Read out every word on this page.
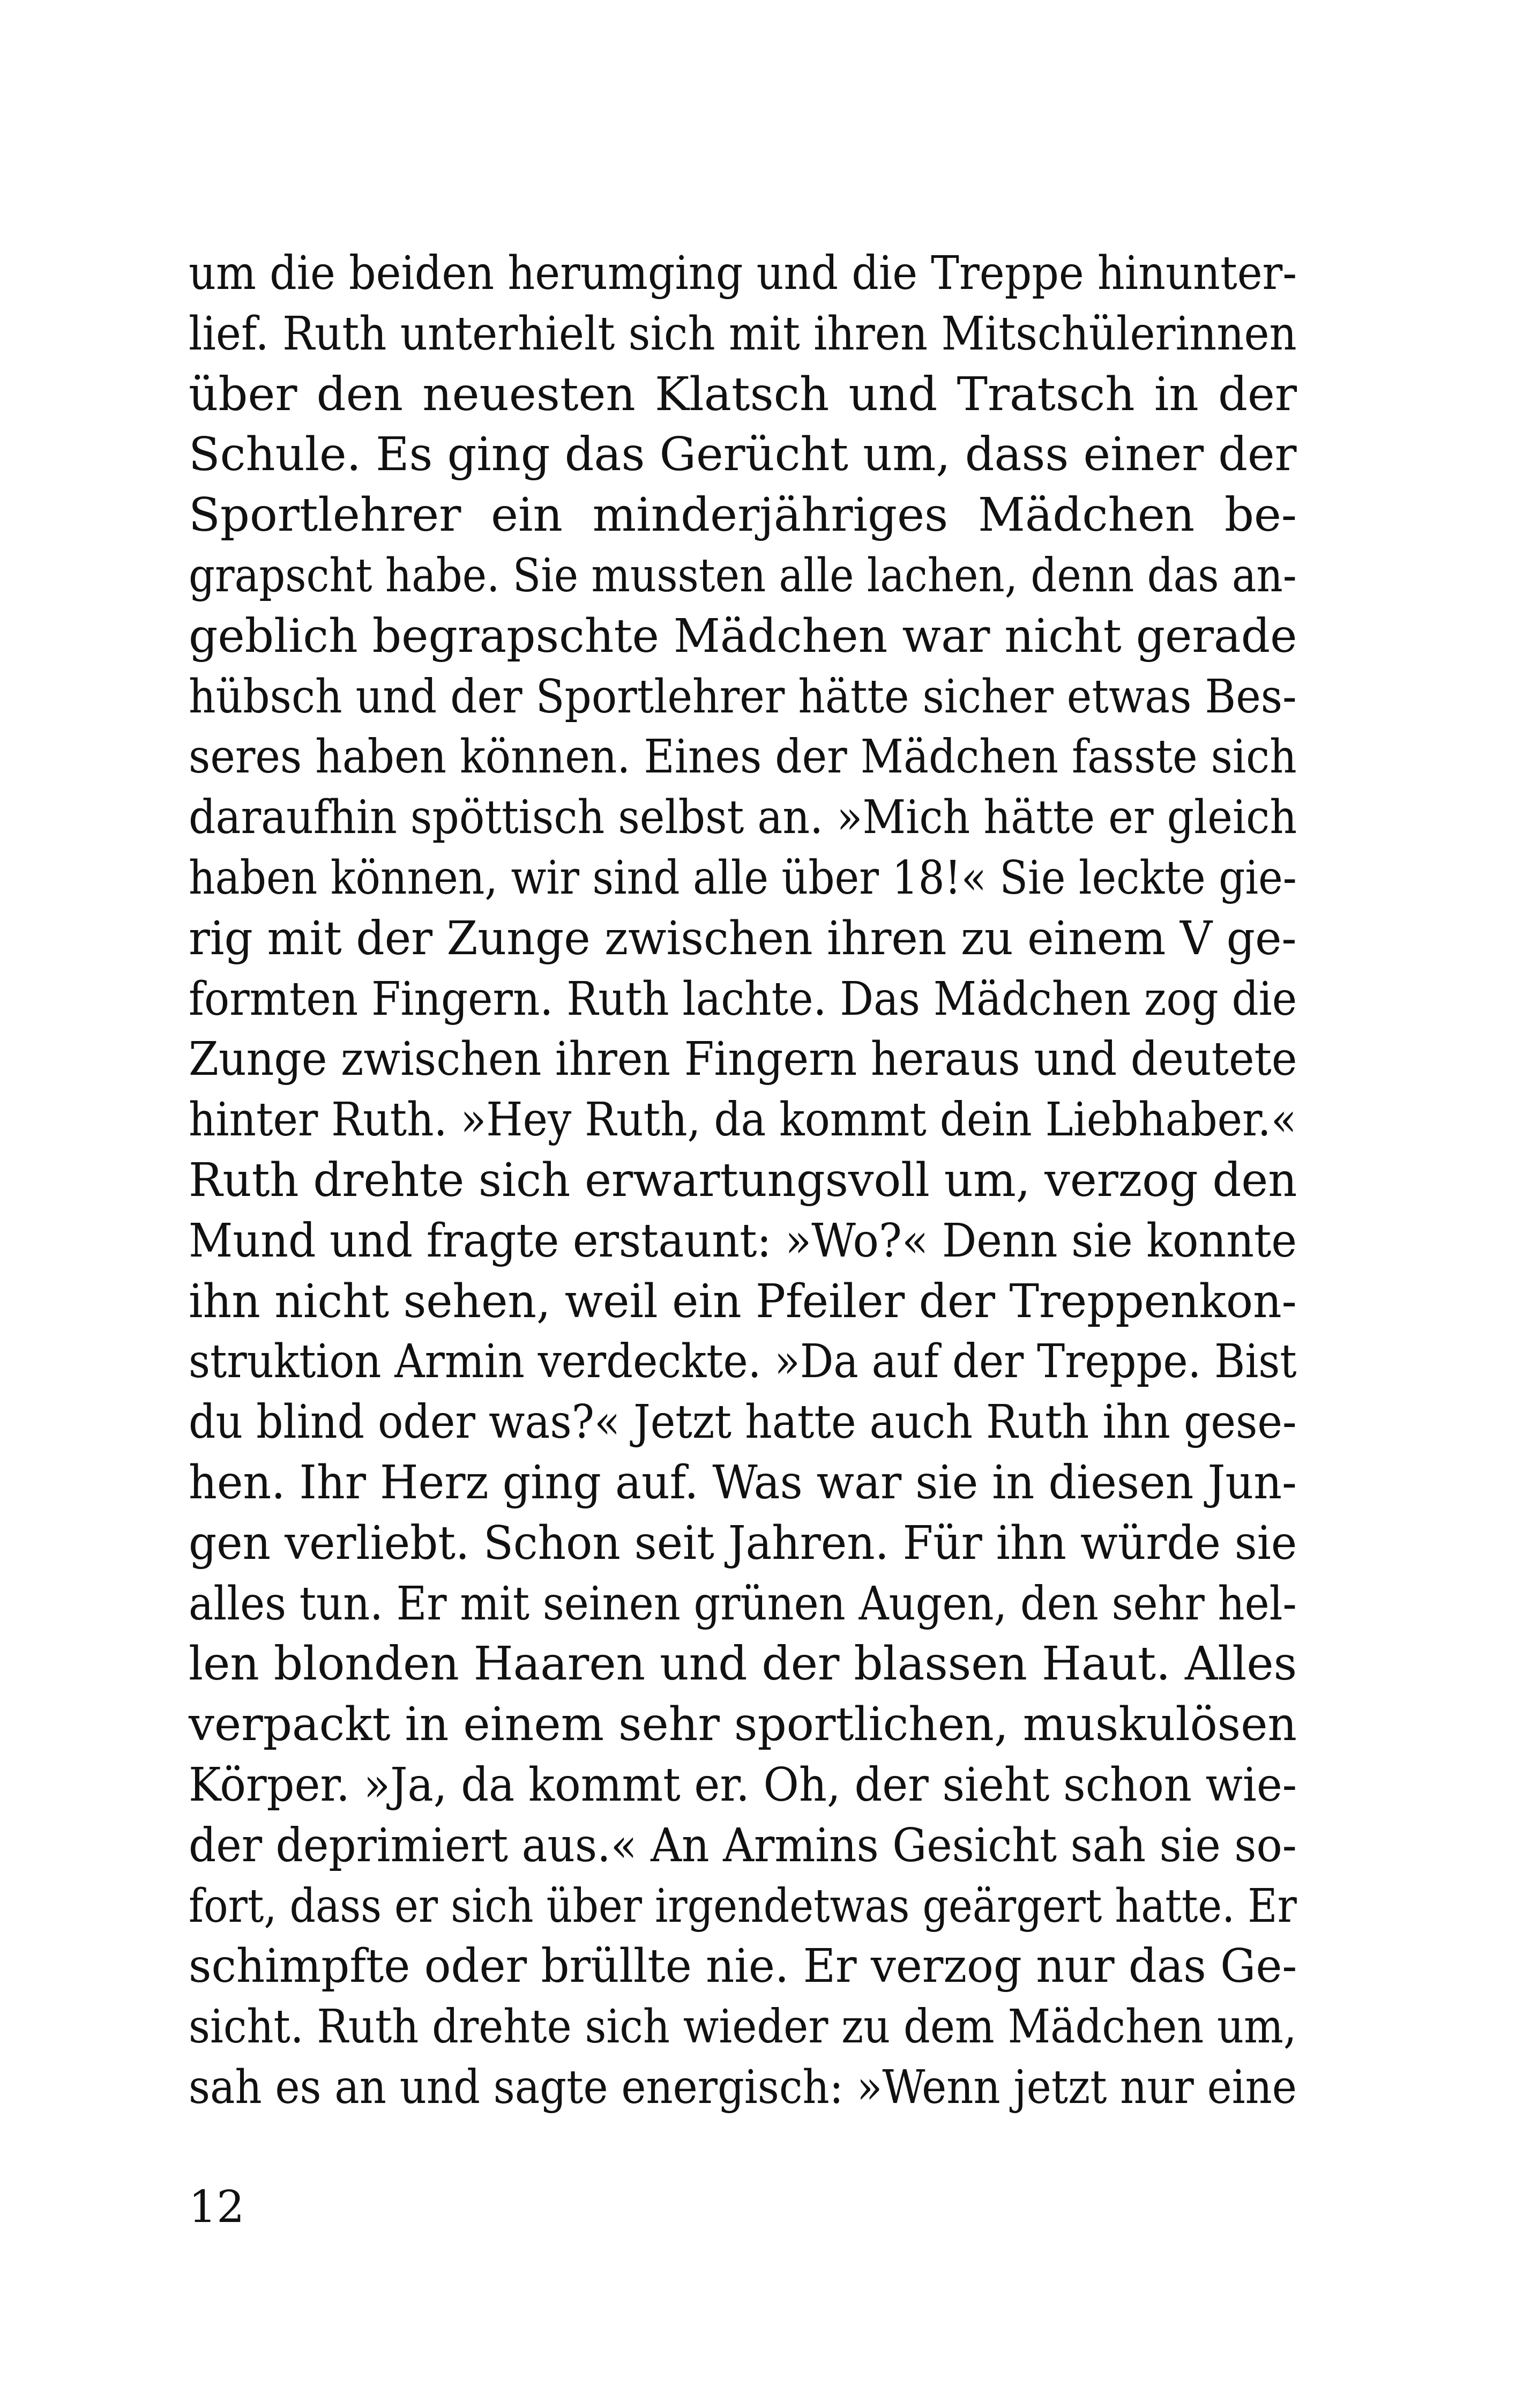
um die beiden herumging und die Treppe hinunter-
lief. Ruth unterhielt sich mit ihren Mitschülerinnen
über den neuesten Klatsch und Tratsch in der
Schule. Es ging das Gerücht um, dass einer der
Sportlehrer ein minderjähriges Mädchen be-
grapscht habe. Sie mussten alle lachen, denn das an-
geblich begrapschte Mädchen war nicht gerade
hübsch und der Sportlehrer hätte sicher etwas Bes-
seres haben können. Eines der Mädchen fasste sich
daraufhin spöttisch selbst an. »Mich hätte er gleich
haben können, wir sind alle über 18!« Sie leckte gie-
rig mit der Zunge zwischen ihren zu einem V ge-
formten Fingern. Ruth lachte. Das Mädchen zog die
Zunge zwischen ihren Fingern heraus und deutete
hinter Ruth. »Hey Ruth, da kommt dein Liebhaber.«
Ruth drehte sich erwartungsvoll um, verzog den
Mund und fragte erstaunt: »Wo?« Denn sie konnte
ihn nicht sehen, weil ein Pfeiler der Treppenkon-
struktion Armin verdeckte. »Da auf der Treppe. Bist
du blind oder was?« Jetzt hatte auch Ruth ihn gese-
hen. Ihr Herz ging auf. Was war sie in diesen Jun-
gen verliebt. Schon seit Jahren. Für ihn würde sie
alles tun. Er mit seinen grünen Augen, den sehr hel-
len blonden Haaren und der blassen Haut. Alles
verpackt in einem sehr sportlichen, muskulösen
Körper. »Ja, da kommt er. Oh, der sieht schon wie-
der deprimiert aus.« An Armins Gesicht sah sie so-
fort, dass er sich über irgendetwas geärgert hatte. Er
schimpfte oder brüllte nie. Er verzog nur das Ge-
sicht. Ruth drehte sich wieder zu dem Mädchen um,
sah es an und sagte energisch: »Wenn jetzt nur eine
12
